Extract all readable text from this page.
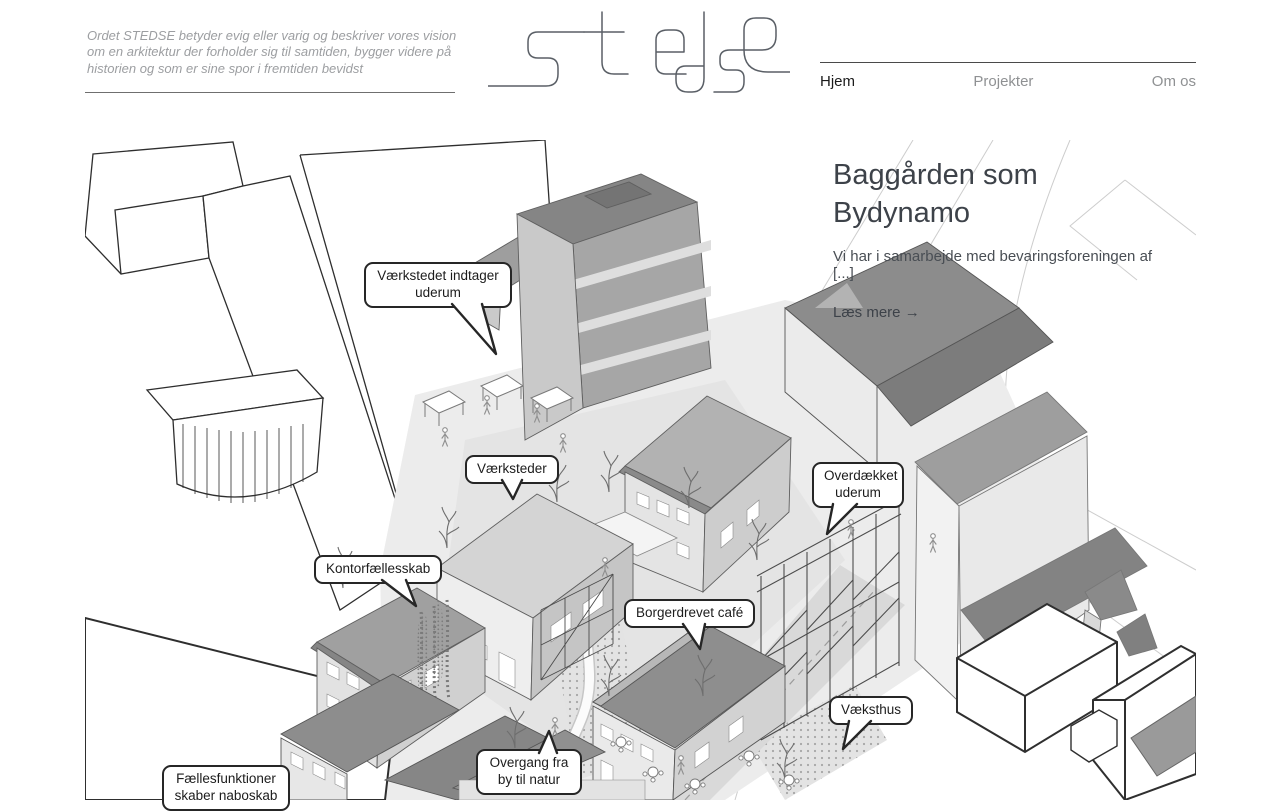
Ordet STEDSE betyder evig eller varig og beskriver vores vision om en arkitektur der forholder sig til samtiden, bygger videre på historien og som er sine spor i fremtiden bevidst

Hjem	Projekter	Om os
Baggården som Bydynamo

Vi har i samarbejde med bevaringsforeningen af [...]

Læs mere →
Værkstedet indtager uderum
Værksteder
Kontorfællesskab
Borgerdrevet café
Overdækket uderum
Væksthus
Overgang fra by til natur
Fællesfunktioner skaber naboskab
